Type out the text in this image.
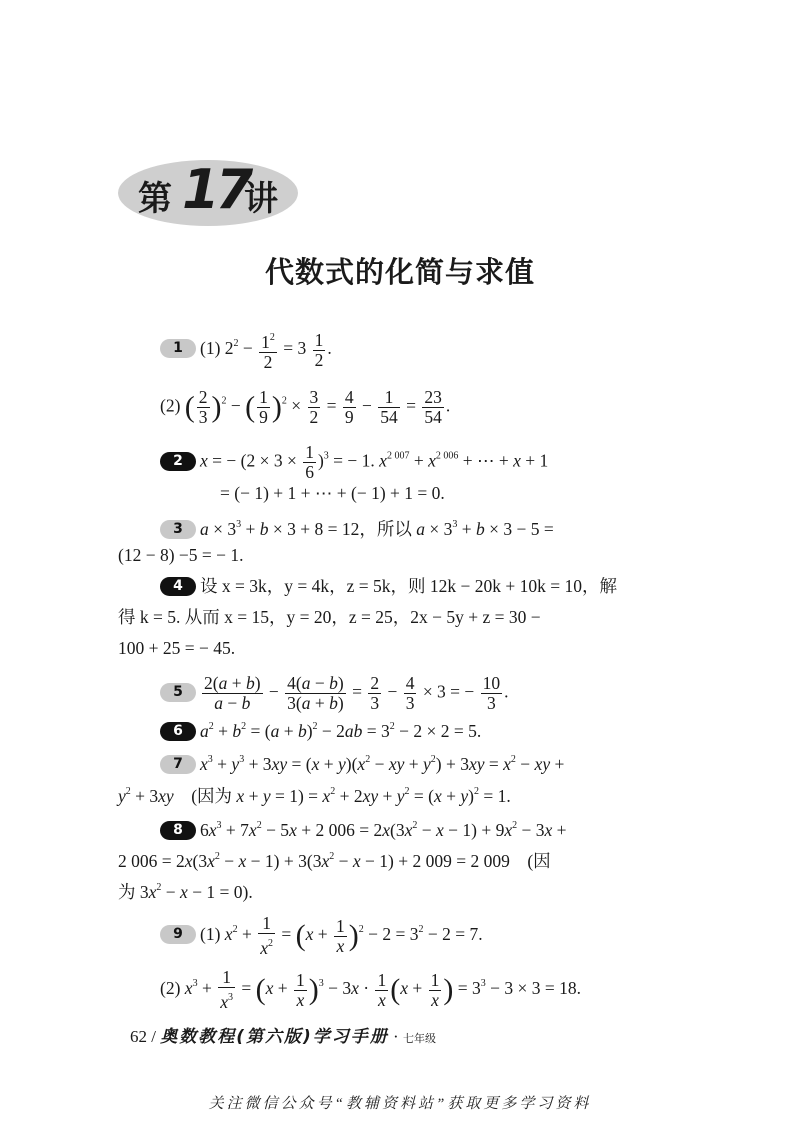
第 17
讲
代数式的化简与求值
1 (1) $2^2 - \frac{1^2}{2} = 3 \frac{1}{2}$ .
(2) ( $\frac{2}{3} )^2$ − ( $\frac{1}{9} )^2 \times \frac{3}{2} = \frac{4}{9} - \frac{1}{54} = \frac{23}{54}$ .
2 x = − $(2 \times 3 \times \frac{1}{6} )^3$ = − 1. $x^{2 007} + x^{2 006}$ + ⋯ + x + 1
= (− 1) + 1 + ⋯ + (− 1) + 1 = 0.
3 $a \times 3^3 + b \times 3 + 8 = 12$，所以 $a \times 3^3 + b \times 3 - 5$ =
(12 − 8) −5 = − 1.
4 设 x = 3k，y = 4k，z = 5k，则 12k − 20k + 10k = 10，解
得 k = 5. 从而 x = 15，y = 20，z = 25，2x − 5y + z = 30 −
100 + 25 = − 45.
$5 \frac{2(a + b)}{a - b} - \frac{4(a - b)}{3(a + b)} = \frac{2}{3} - \frac{4}{3} \times 3$ = − $\frac{10}{3}$ .
6 $a^2 + b^2 = (a + b)^2 - 2ab = 3^2 - 2 \times 2 = 5$.
7 $x^3 + y^3 + 3xy = (x + y)(x^2$ − xy + $y^2) + 3xy = x^2$ − xy +
$y^2 + 3xy$　(因为 $x + y = 1) = x^2 + 2xy + y^2 = (x + y)^2 = 1$.
8 $6x^3 + 7x^2 - 5x + 2$ $006 = 2x(3x^2 - x - 1) + 9x^2 - 3x$ +
2 $006 = 2x(3x^2 - x - 1) + 3(3x^2 - x - 1) + 2$ 009 = 2 009　(因
为 $3x^2 - x - 1 = 0$).
9 (1) $x^2 + \frac{1}{x^2} = (x + \frac{1}{x} )^2 - 2 = 3^2 - 2 = 7$.
(2) $x^3 + \frac{1}{x^3} = (x + \frac{1}{x} )^3 - 3x \cdot \frac{1}{x} (x + \frac{1}{x}$ ) = $3^3 - 3 \times 3 = 18$.
62 / 奥数教程(第六版)学习手册 · 七年级
关注微信公众号“教辅资料站”获取更多学习资料
